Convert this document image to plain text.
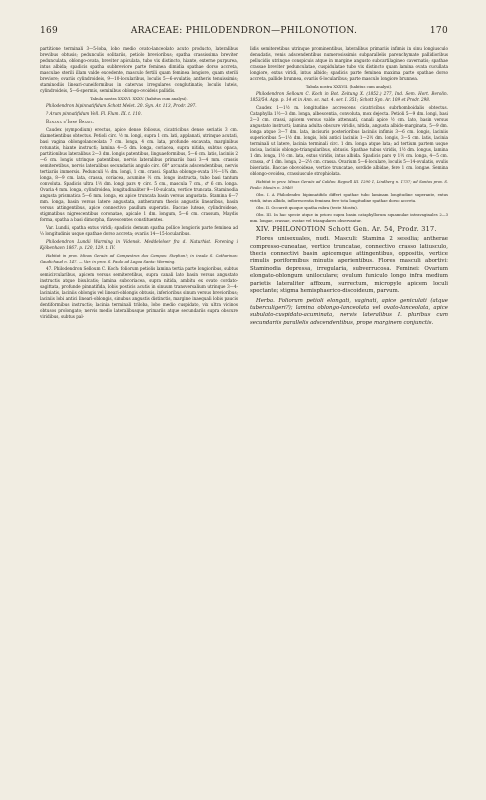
169	ARACEAE: PHILODENDRON—PHILONOTION.	170

partitione terminali 3—5-loba, lobo medio ovato-lanceolato acuto producto, lateralibus brevibus obtusis; pedunculis solitariis, petiolo brevioribus; spatha crassissima breviter pedunculata, oblongo-ovata, breviter apiculata, tubo vix distincto, hiante, externe purpurea, intus albida; spadicis spatha subbreviore parte feminea dimidia spathae dorso accreta, masculae sterili illam valde excedente, masculo fertili quam feminea longiore, quam sterili breviore; ovariis cylindroideis, 9—10-locularibus, loculis 5—6-ovulatis; antheris tenuissimis; staminodiis lineari-cuneiformibus in catervas irregulares conglutinatis; loculis luteis, cylindroideis, 5—6-spermis, seminibus oblongo-ovoideis pallidis.

Tabula nostra XXXVI. XXXV. (habitus cum analysi).

Philodendron bipinnatifidum Schott Melet. 20. Syn. Ar. 113, Prodr. 297.

? Arum pinnatifidum Vell. Fl. Flum. IX. t. 110.

Banana d'Imbé Brasil.

Caudex (sympodium) erectus, apice dense foliosus, cicatricibus dense seriatis 3 cm. diametientibus obtectus. Petioli circ. ½ m. longi, supra 1 cm. lati, applanati, utrinque acutati, basi vagina oblongolanceolata 7 cm. longa, 4 cm. lata, profunde excavata, marginibus rotunatis, hiante instructi; lamina 4—5 dm. longa, coriacea, supra nitida, subtus opaca, partitionibus lateralibus 2—3 dm. longis patentibus, linguaeformibus, 5—6 cm. latis, laciniis 2—6 cm. longis utrinque patentibus, nervis lateralibus primariis basi 3—4 mm. crassis semiteretibus, nervis lateralibus secundariis angulo circ. 60° arcuatis adscendentibus, nervis tertiariis immersis. Pedunculi ⅓ dm. longi, 1 cm. crassi. Spatha oblongo-ovata 1½—1¾ dm. longa, 8—9 cm. lata, crassa, coriacea, acumine ½ cm. longo instructa, tubo basi tantum convoluta. Spadicis ultra 1½ dm. longi pars ♀ circ. 5 cm., mascula 7 cm., ♂ 6 cm. longa. Ovaria 4 mm. longa, cylindroidea, longitudinaliter 9—10-sulcata, vertice truncata. Staminodia angusta prismatica 5—6 mm. longa, ex apice truncata basin versus angustata. Stamina 6—7 mm. longa, basin versus latere angustata, antherarum thecis angustis linearibus, basin versus attingentibus, apice connectivo paullum superatis. Baccae luteae, cylindroideae, stigmatibus nigrescentibus coronatae, apicale 1 dm. longum, 5—6 cm. crassum, Maydis forma, spatha a basi dimorpha, flavescentes constituentes.

Var. Lundii, spatha extus viridi; spadicis demum spatha pollice longioris parte feminea ad ⅓ longitudinis usque spathae dorso accreta; ovariis 14—15-locularibus.

Philodendron Lundii Warming in Vidensk. Meddelelser fra d. Naturhist. Forening i Kjöbenhavn 1867. p. 120, 129. t. IV.

Habitat in prov. Minas Geraës ad Campestres dos Campos: Stephan!; in insula S. Catharinas: Gaudichaud n. 147. — Var. in prov. S. Paulo ad Lagoa Santa: Warming.

47. Philodendron Selloum C. Koch: foliorum petiolis lamina tertia parte longioribus, subtus semicircularibus, apicem versus semiteretibus, supra canali lato basin versus angustato instructis atque bisulcatis; lamina subcoriacea, supra nitida, ambitu ex ovato cordato-sagittata, profunde pinnatifida, lobis posticis acutis in sinuum transversalium utrinque 3—4-laciniatis, laciniis oblongis vel lineari-oblongis obtusis, inferioribus sinum versus brevioribus; laciniis lobi antici lineari-oblongis, sinubus angustis distinctis, margine inaequali lobis paucis dentiformibus instructis; lacinia terminali triloba, lobo medio cuspidato, vix ultra vicinos obtusos prolongato; nervis medio lateralibusque primariis atque secundariis supra obscure viridibus, subtus pal-

lidis semiteretibus utrinque prominentibus, lateralibus primariis infimis in sinu longiusculo denudatis, venis adscendentibus numerosissimis subparallelis parenchymate pallidioribus pellucidis utrinque conspicuis atque in margine angusto subcartilagineo cavernatis; spathae crassae breviter pedunculatae, cuspidulatae tubo vix distincto quam lamina ovata cucullata longiore, extus viridi, intus albido; spadicis parte feminea maxima parte spathae dorso accreta, pallide brunnea, ovariis 6-locularibus; parte masculo longiore brunnea.

Tabula nostra XXXVII. (habitus cum analysi).

Philodendron Selloum C. Koch in Bot. Zeitung X. (1852.) 277, Ind. Sem. Hort. Berolin. 1853/54. App. p. 14 et in Ann. sc. nat. 4. ser. I. 351; Schott Syn. Ar. 109 et Prodr. 298.

Caudex 1—1½ m. longitudine accrescens cicatricibus subrhomboidalis obtectus. Cataphylla 1½—3 dm. longa, albescentia, convoluta, mox dejecta. Petioli 5—9 dm. longi, basi 2—3 cm. crassi, apicem versus valde attenuati, canali apice ½ cm. lato, basin versus angustato instructi; lamina adulta obscure viridis, nitida, angusta albido-marginata, 5—9 dm. longa atque 3—7 dm. lata, incisuris posterioribus laciniis infimis 3—6 cm. longis, laciniis superioribus 5—1½ dm. longis, lobi antici laciniis 1—2½ dm. longis, 3—5 cm. latis, lacinia terminali ut latere, lacinia terminali circ. 1 dm. longa atque lata; ad tertium partem usque incisa, laciniis oblongo-triangularibus, obtusis. Spathae tubus viridis, 1½ dm. longus, lamina 1 dm. longa, 1½ cm. lata, extus viridis, intus albida. Spadicis pars ♀ 1½ cm. longa, 4—5 cm. crassa, ♂ 1 dm. longa, 2—2½ cm. crassa. Ovarium 5—6-loculare, loculis 5—14-ovulatis, ovulis biseriatis. Baccae obovoideae, vertice truncatae, sordide albidae, fere 1 cm. longae. Semina oblongo-ovoidea, crassiuscule strophiolata.

Habitat in prov. Minas Geraës ad Caldas: Regnell III. 1290 1, Lindberg n. 1737; ad Santos prov. S. Paulo: Mosén n. 2946!

Obs. I. A Philodendro bipinnatifido differt spathae tubo laminam longitudine superante, extus viridi, intus albido, inflorescentia feminea fere tota longitudine spathae dorso accreta.

Obs. II. Occurrit quoque spatha rubra (teste Mosén).

Obs. III. In hac specie atque in prioro supra basin cataphyllorum squamulae intravaginales 2—3 mm. longae, crassae, ovatae vel triangulares observantur.

XIV. PHILONOTION Schott Gen. Ar. 54, Prodr. 317.

Flores unisexuales, nudi. Masculi: Stamina 2 sessilia; antherae compresso-cuneatae, vertice truncatae, connectivo crasso latiusculo, thecis connectivi basin apicemque attingentibus, oppositis, vertice rimulis poriformibus minutis aperientibus. Flores masculi abortivi: Staminodia depressa, irregularia, subverrucosa. Feminei: Ovarium elongato-oblongum uniloculare; ovulum funiculo longo infra medium parietis lateraliter affixum, surrectum, micropyle apicem loculi spectante; stigma hemisphaerico-discoideum, parvum.

Herba. Foliorum petioli elongati, vaginati, apice geniculati (atque tuberculigeri?); lamina oblongo-lanceolata vel ovato-lanceolata, apice subulato-cuspidato-acuminata, nervis lateralibus I. pluribus cum secundariis parallelis adscendentibus, prope marginem conjunctis.
